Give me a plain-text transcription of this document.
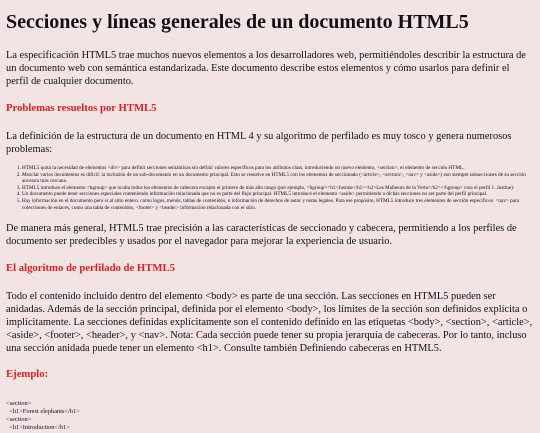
Secciones y líneas generales de un documento HTML5

La especificación HTML5 trae muchos nuevos elementos a los desarrolladores web, permitiéndoles describir la estructura de un documento web con semántica estandarizada. Este documento describe estos elementos y cómo usarlos para definir el perfil de cualquier documento.

Problemas resueltos por HTML5

La definición de la estructura de un documento en HTML 4 y su algoritmo de perfilado es muy tosco y genera numerosos problemas:

1. HTML5 quita la necesidad de elementos <div> para definir secciones semánticas sin definir valores específicos para los atributos class, introduciendo un nuevo elemento, <section>, el elemento de sección HTML.
2. Mezclar varios documentos es difícil: la inclusión de un sub-documento en un documento principal. Esto se resuelve en HTML5 con los elementos de seccionado (<article>, <section>, <nav> y <aside>) son siempre subsecciones de su sección ancestra más cercana.
3. HTML5 introduce el elemento <hgroup> que oculta todos los elementos de cabecera excepto el primero de más alto rango (por ejemplo, <hgroup><h1>Justine</h1><h2>Les Malheurs de la Vertu</h2></hgroup> crea el perfil 1. Justine).
4. Un documento puede tener secciones especiales conteniendo información relacionada que no es parte del flujo principal. HTML5 introduce el elemento <aside> permitiendo a dichas secciones no ser parte del perfil principal.
5. Hay información en el documento pero si al sitio entero, como logos, menús, tablas de contenidos, o información de derechos de autor y notas legales. Para ese propósito, HTML5 introduce tres elementos de sección específicos: <nav> para colecciones de enlaces, como una tabla de contenidos, <footer> y <header> información relacionada con el sitio.

De manera más general, HTML5 trae precisión a las características de seccionado y cabecera, permitiendo a los perfiles de documento ser predecibles y usados por el navegador para mejorar la experiencia de usuario.

El algoritmo de perfilado de HTML5

Todo el contenido incluido dentro del elemento <body> es parte de una sección. Las secciones en HTML5 pueden ser anidadas. Además de la sección principal, definida por el elemento <body>, los límites de la sección son definidos explícita o implícitamente. La secciones definidas explícitamente son el contenido definido en las etiquetas <body>, <section>, <article>, <aside>, <footer>, <header>, y <nav>. Nota: Cada sección puede tener su propia jerarquía de cabeceras. Por lo tanto, incluso una sección anidada puede tener un elemento <h1>. Consulte también Definiendo cabeceras en HTML5.

Ejemplo:
<section>
<h1>Forest elephants</h1>
<section>
<h1>Introduction</h1>
